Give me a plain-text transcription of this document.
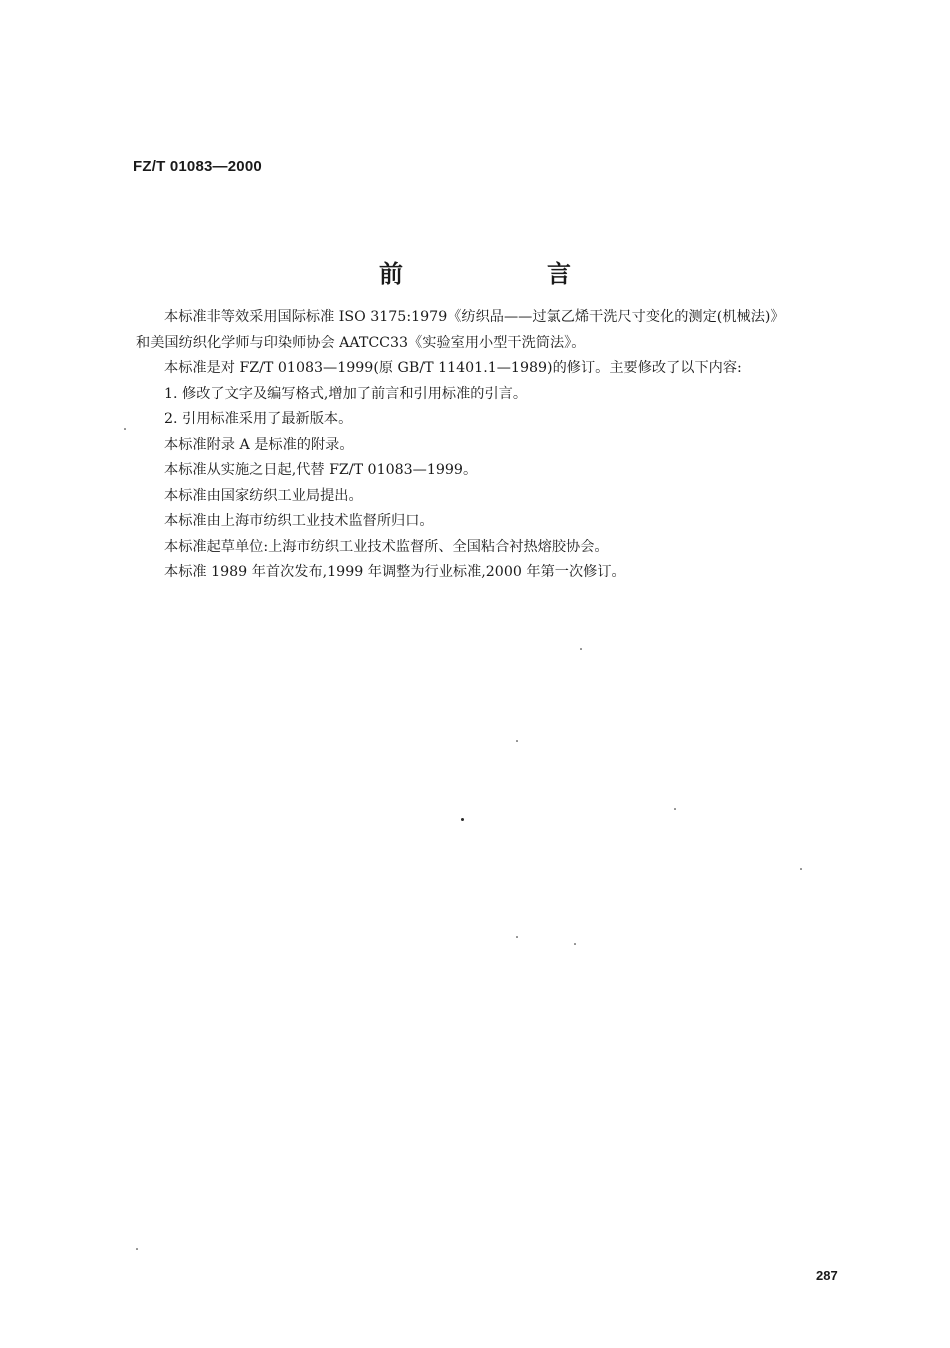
FZ/T 01083—2000
前　言

本标准非等效采用国际标准 ISO 3175:1979《纺织品——过氯乙烯干洗尺寸变化的测定(机械法)》

和美国纺织化学师与印染师协会 AATCC33《实验室用小型干洗筒法》。

本标准是对 FZ/T 01083—1999(原 GB/T 11401.1—1989)的修订。主要修改了以下内容:

1. 修改了文字及编写格式,增加了前言和引用标准的引言。

2. 引用标准采用了最新版本。

本标准附录 A 是标准的附录。

本标准从实施之日起,代替 FZ/T 01083—1999。

本标准由国家纺织工业局提出。

本标准由上海市纺织工业技术监督所归口。

本标准起草单位:上海市纺织工业技术监督所、全国粘合衬热熔胶协会。

本标准 1989 年首次发布,1999 年调整为行业标准,2000 年第一次修订。

287
